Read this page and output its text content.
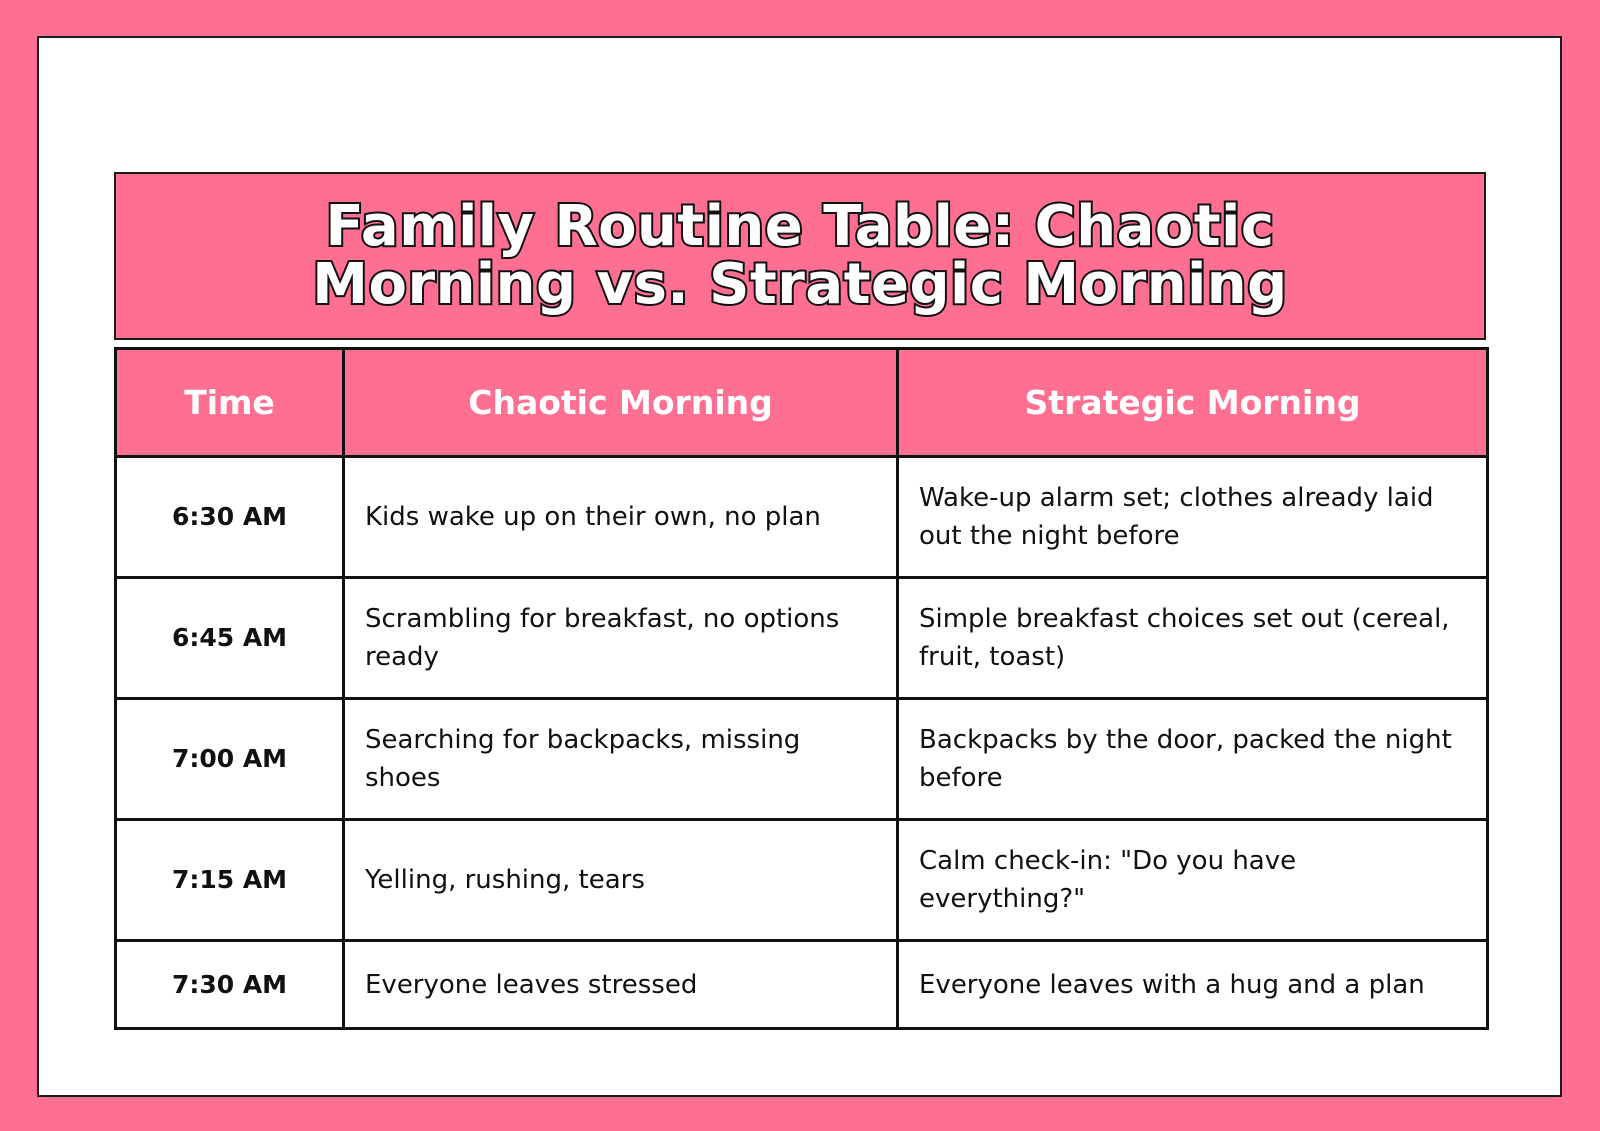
Family Routine Table: Chaotic Morning vs. Strategic Morning
Time	Chaotic Morning	Strategic Morning
6:30 AM	Kids wake up on their own, no plan	Wake-up alarm set; clothes already laid out the night before
6:45 AM	Scrambling for breakfast, no options ready	Simple breakfast choices set out (cereal, fruit, toast)
7:00 AM	Searching for backpacks, missing shoes	Backpacks by the door, packed the night before
7:15 AM	Yelling, rushing, tears	Calm check-in: "Do you have everything?"
7:30 AM	Everyone leaves stressed	Everyone leaves with a hug and a plan
